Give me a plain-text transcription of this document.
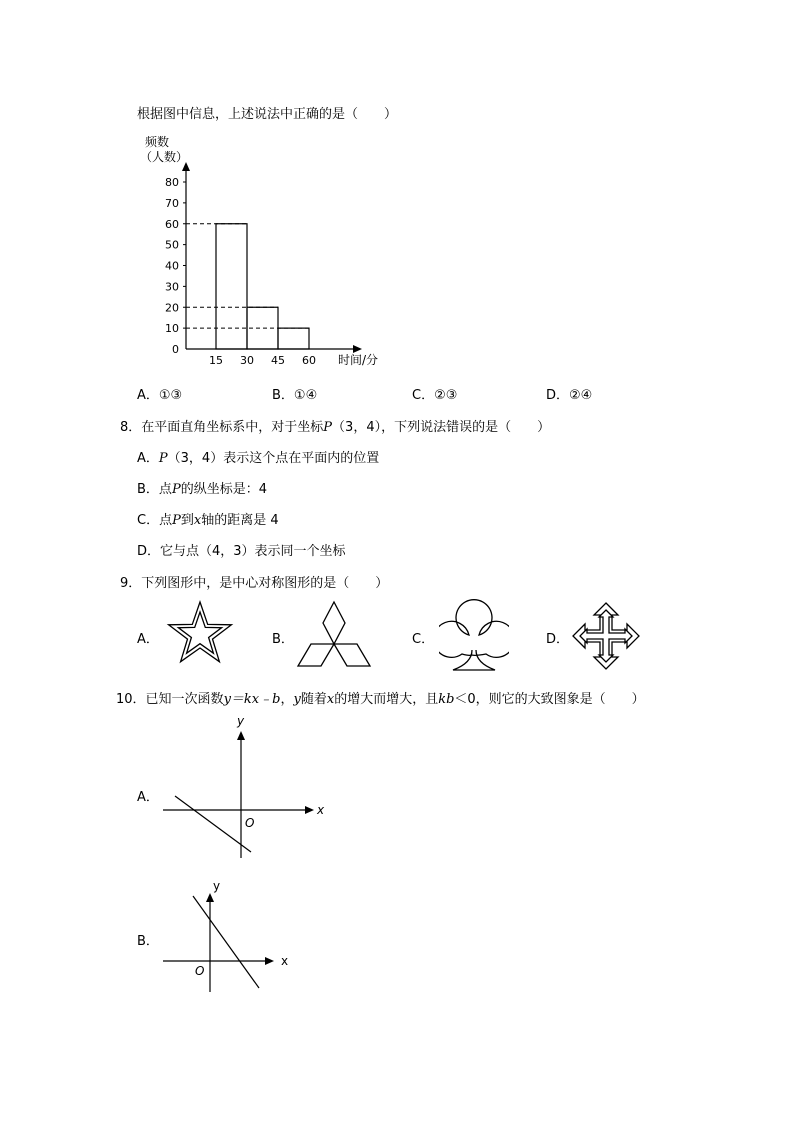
根据图中信息，上述说法中正确的是（　　）
频数
（人数）
0
10
20
30
40
50
60
70
80
15 30 45 60 时间/分
A．①③	B．①④	C．②③	D．②④
8．在平面直角坐标系中，对于坐标P（3，4），下列说法错误的是（　　）
A．P（3，4）表示这个点在平面内的位置
B．点P的纵坐标是：4
C．点P到x轴的距离是 4
D．它与点（4，3）表示同一个坐标
9．下列图形中，是中心对称图形的是（　　）
A．	B．	C．	D．
10．已知一次函数y＝kx﹣b，y随着x的增大而增大，且kb＜0，则它的大致图象是（　　）
A．
x
y
O
B．
x
y
O
